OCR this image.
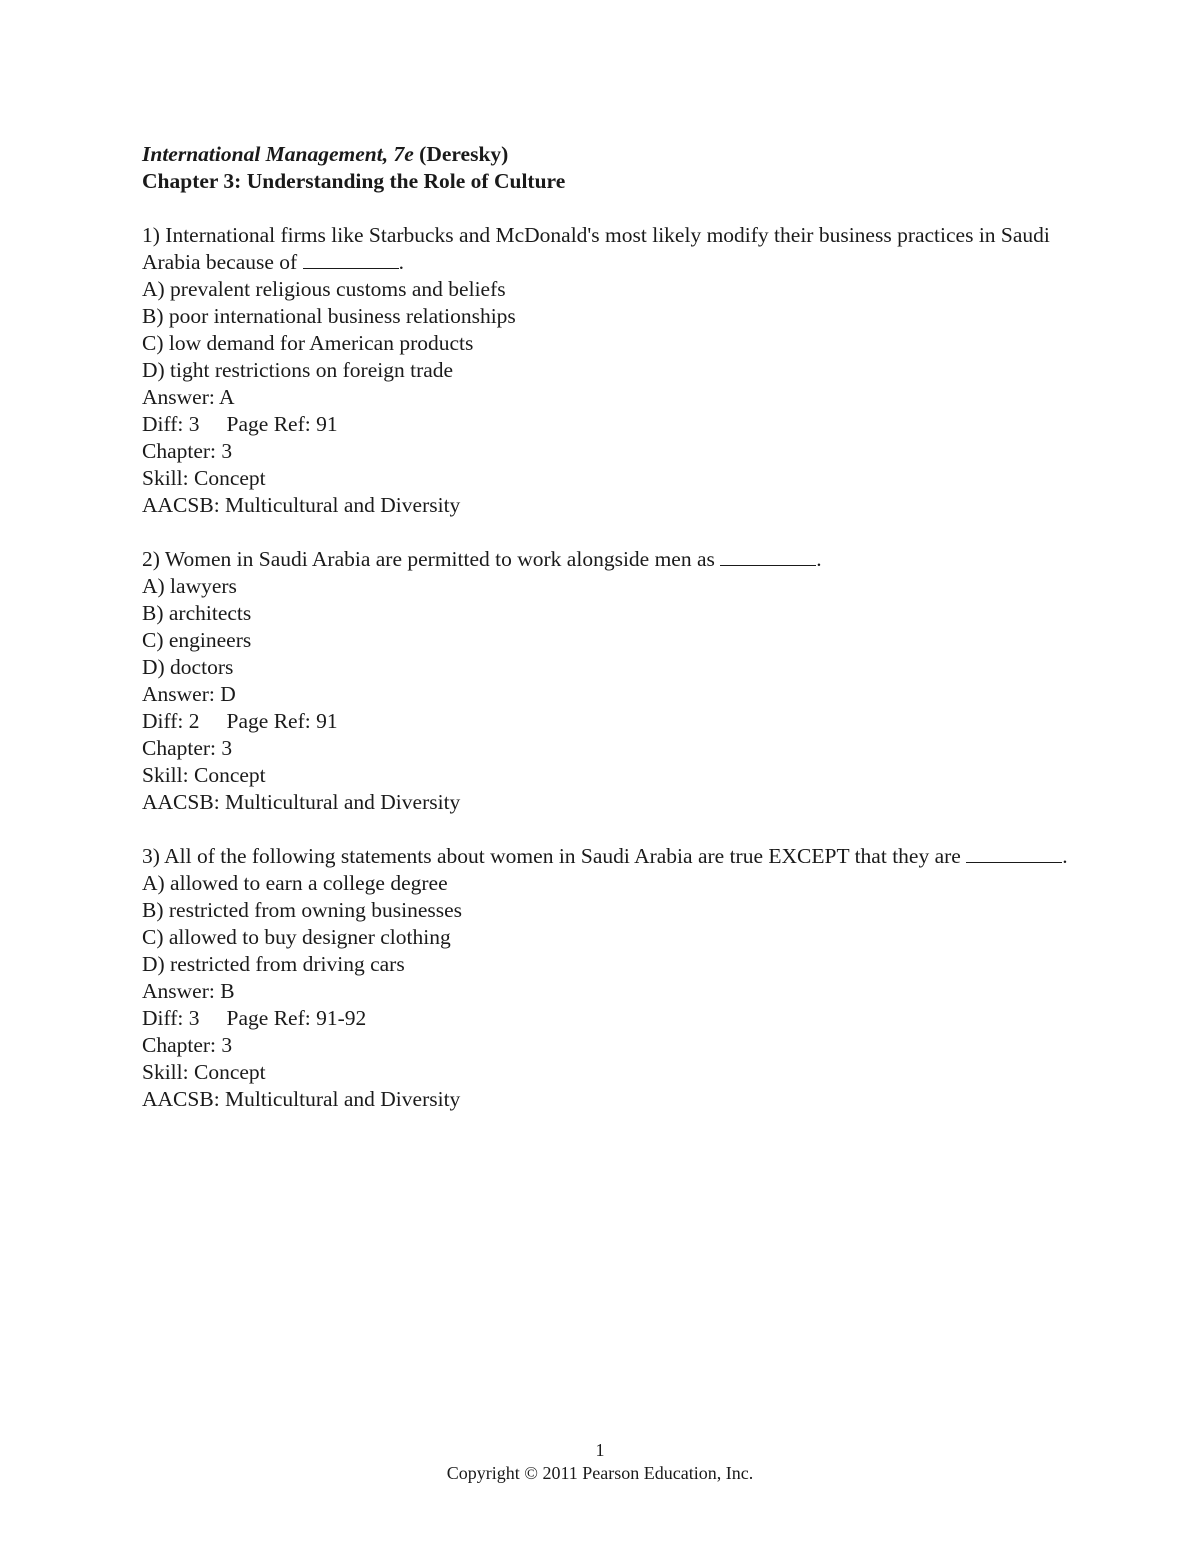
International Management, 7e (Deresky)
Chapter 3: Understanding the Role of Culture
1) International firms like Starbucks and McDonald's most likely modify their business practices in Saudi Arabia because of	.
A) prevalent religious customs and beliefs
B) poor international business relationships
C) low demand for American products
D) tight restrictions on foreign trade
Answer: A
Diff: 3 Page Ref: 91
Chapter: 3
Skill: Concept
AACSB: Multicultural and Diversity
2) Women in Saudi Arabia are permitted to work alongside men as	.
A) lawyers
B) architects
C) engineers
D) doctors
Answer: D
Diff: 2 Page Ref: 91
Chapter: 3
Skill: Concept
AACSB: Multicultural and Diversity
3) All of the following statements about women in Saudi Arabia are true EXCEPT that they are	.
A) allowed to earn a college degree
B) restricted from owning businesses
C) allowed to buy designer clothing
D) restricted from driving cars
Answer: B
Diff: 3 Page Ref: 91-92
Chapter: 3
Skill: Concept
AACSB: Multicultural and Diversity
1
Copyright © 2011 Pearson Education, Inc.
